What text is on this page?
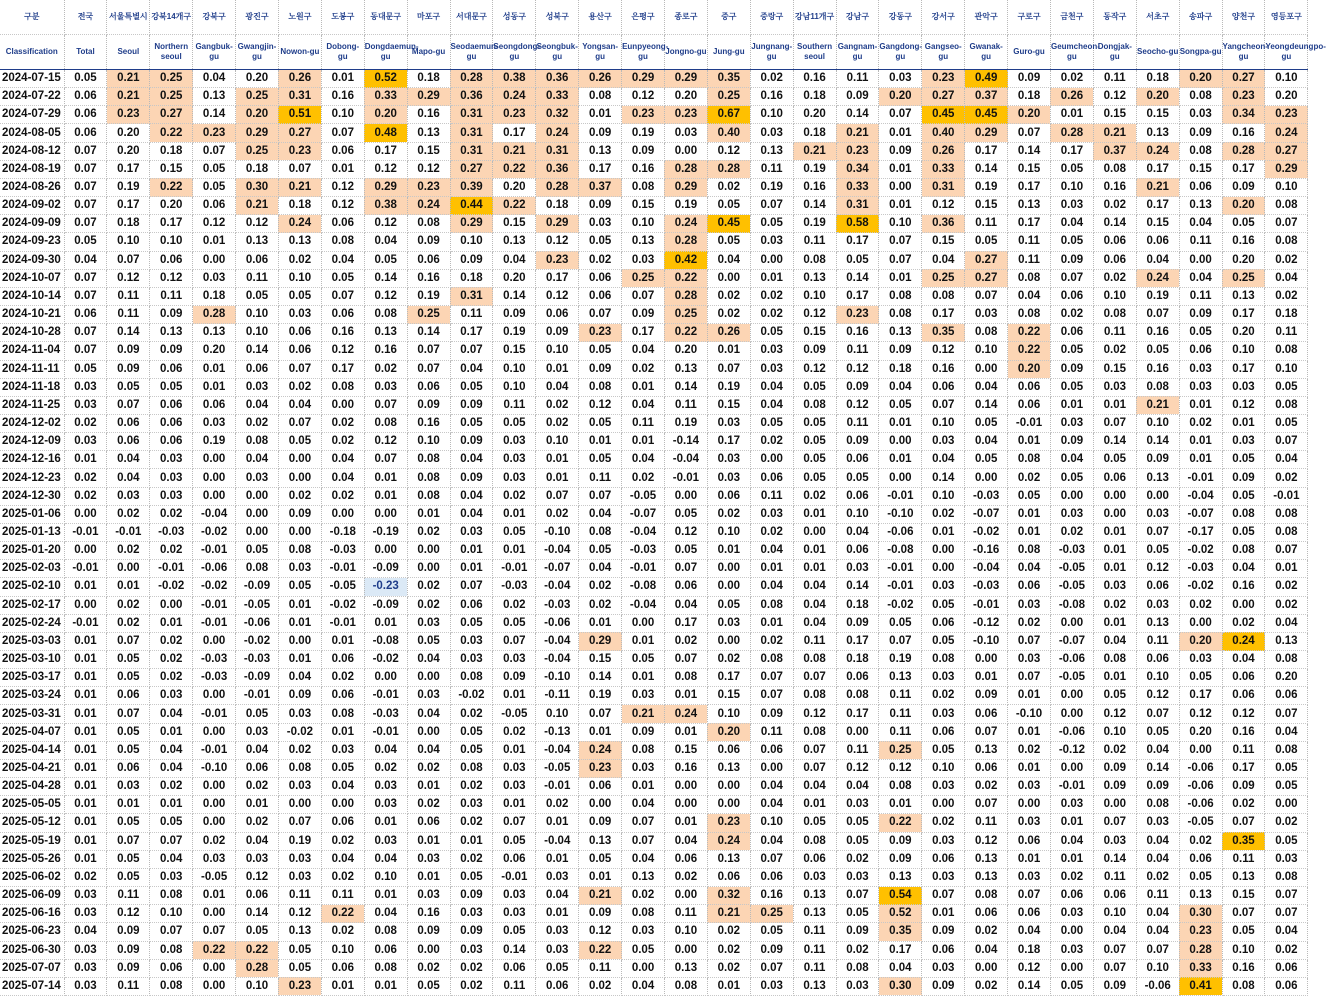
구분	전국	서울특별시	강북14개구	강북구	광진구	노원구	도봉구	동대문구	마포구	서대문구	성동구	성북구	용산구	은평구	종로구	중구	중랑구	강남11개구	강남구	강동구	강서구	관악구	구로구	금천구	동작구	서초구	송파구	양천구	영등포구
Classification	Total	Seoul	Northern seoul	Gangbuk-gu	Gwangjin-gu	Nowon-gu	Dobong-gu	Dongdaemun-gu	Mapo-gu	Seodaemun-gu	Seongdong-gu	Seongbuk-gu	Yongsan-gu	Eunpyeong-gu	Jongno-gu	Jung-gu	Jungnang-gu	Southern seoul	Gangnam-gu	Gangdong-gu	Gangseo-gu	Gwanak-gu	Guro-gu	Geumcheon-gu	Dongjak-gu	Seocho-gu	Songpa-gu	Yangcheon-gu	Yeongdeungpo-gu
2024-07-15	0.05	0.21	0.25	0.04	0.20	0.26	0.01	0.52	0.18	0.28	0.38	0.36	0.26	0.29	0.29	0.35	0.02	0.16	0.11	0.03	0.23	0.49	0.09	0.02	0.11	0.18	0.20	0.27	0.10
2024-07-22	0.06	0.21	0.25	0.13	0.25	0.31	0.16	0.33	0.29	0.36	0.24	0.33	0.08	0.12	0.20	0.25	0.16	0.18	0.09	0.20	0.27	0.37	0.18	0.26	0.12	0.20	0.08	0.23	0.20
2024-07-29	0.06	0.23	0.27	0.14	0.20	0.51	0.10	0.20	0.16	0.31	0.23	0.32	0.01	0.23	0.23	0.67	0.10	0.20	0.14	0.07	0.45	0.45	0.20	0.01	0.15	0.15	0.03	0.34	0.23
2024-08-05	0.06	0.20	0.22	0.23	0.29	0.27	0.07	0.48	0.13	0.31	0.17	0.24	0.09	0.19	0.03	0.40	0.03	0.18	0.21	0.01	0.40	0.29	0.07	0.28	0.21	0.13	0.09	0.16	0.24
2024-08-12	0.07	0.20	0.18	0.07	0.25	0.23	0.06	0.17	0.15	0.31	0.21	0.31	0.13	0.09	0.00	0.12	0.13	0.21	0.23	0.09	0.26	0.17	0.14	0.17	0.37	0.24	0.08	0.28	0.27
2024-08-19	0.07	0.17	0.15	0.05	0.18	0.07	0.01	0.12	0.12	0.27	0.22	0.36	0.17	0.16	0.28	0.28	0.11	0.19	0.34	0.01	0.33	0.14	0.15	0.05	0.08	0.17	0.15	0.17	0.29
2024-08-26	0.07	0.19	0.22	0.05	0.30	0.21	0.12	0.29	0.23	0.39	0.20	0.28	0.37	0.08	0.29	0.02	0.19	0.16	0.33	0.00	0.31	0.19	0.17	0.10	0.16	0.21	0.06	0.09	0.10
2024-09-02	0.07	0.17	0.20	0.06	0.21	0.18	0.12	0.38	0.24	0.44	0.22	0.18	0.09	0.15	0.19	0.05	0.07	0.14	0.31	0.01	0.12	0.15	0.13	0.03	0.02	0.17	0.13	0.20	0.08
2024-09-09	0.07	0.18	0.17	0.12	0.12	0.24	0.06	0.12	0.08	0.29	0.15	0.29	0.03	0.10	0.24	0.45	0.05	0.19	0.58	0.10	0.36	0.11	0.17	0.04	0.14	0.15	0.04	0.05	0.07
2024-09-23	0.05	0.10	0.10	0.01	0.13	0.13	0.08	0.04	0.09	0.10	0.13	0.12	0.05	0.13	0.28	0.05	0.03	0.11	0.17	0.07	0.15	0.05	0.11	0.05	0.06	0.06	0.11	0.16	0.08
2024-09-30	0.04	0.07	0.06	0.00	0.06	0.02	0.04	0.05	0.06	0.09	0.04	0.23	0.02	0.03	0.42	0.04	0.00	0.08	0.05	0.07	0.04	0.27	0.11	0.09	0.06	0.04	0.00	0.20	0.02
2024-10-07	0.07	0.12	0.12	0.03	0.11	0.10	0.05	0.14	0.16	0.18	0.20	0.17	0.06	0.25	0.22	0.00	0.01	0.13	0.14	0.01	0.25	0.27	0.08	0.07	0.02	0.24	0.04	0.25	0.04
2024-10-14	0.07	0.11	0.11	0.18	0.05	0.05	0.07	0.12	0.19	0.31	0.14	0.12	0.06	0.07	0.28	0.02	0.02	0.10	0.17	0.08	0.08	0.07	0.04	0.06	0.10	0.19	0.11	0.13	0.02
2024-10-21	0.06	0.11	0.09	0.28	0.10	0.03	0.06	0.08	0.25	0.11	0.09	0.06	0.07	0.09	0.25	0.02	0.02	0.12	0.23	0.08	0.17	0.03	0.08	0.02	0.08	0.07	0.09	0.17	0.18
2024-10-28	0.07	0.14	0.13	0.13	0.10	0.06	0.16	0.13	0.14	0.17	0.19	0.09	0.23	0.17	0.22	0.26	0.05	0.15	0.16	0.13	0.35	0.08	0.22	0.06	0.11	0.16	0.05	0.20	0.11
2024-11-04	0.07	0.09	0.09	0.20	0.14	0.06	0.12	0.16	0.07	0.07	0.15	0.10	0.05	0.04	0.20	0.01	0.03	0.09	0.11	0.09	0.12	0.10	0.22	0.05	0.02	0.05	0.06	0.10	0.08
2024-11-11	0.05	0.09	0.06	0.01	0.06	0.07	0.17	0.02	0.07	0.04	0.10	0.01	0.09	0.02	0.13	0.07	0.03	0.12	0.12	0.18	0.16	0.00	0.20	0.09	0.15	0.16	0.03	0.17	0.10
2024-11-18	0.03	0.05	0.05	0.01	0.03	0.02	0.08	0.03	0.06	0.05	0.10	0.04	0.08	0.01	0.14	0.19	0.04	0.05	0.09	0.04	0.06	0.04	0.06	0.05	0.03	0.08	0.03	0.03	0.05
2024-11-25	0.03	0.07	0.06	0.06	0.04	0.04	0.00	0.07	0.09	0.09	0.11	0.02	0.12	0.04	0.11	0.15	0.04	0.08	0.12	0.05	0.07	0.14	0.06	0.01	0.01	0.21	0.01	0.12	0.08
2024-12-02	0.02	0.06	0.06	0.03	0.02	0.07	0.02	0.08	0.16	0.05	0.05	0.02	0.05	0.11	0.19	0.03	0.05	0.05	0.11	0.01	0.10	0.05	-0.01	0.03	0.07	0.10	0.02	0.01	0.05
2024-12-09	0.03	0.06	0.06	0.19	0.08	0.05	0.02	0.12	0.10	0.09	0.03	0.10	0.01	0.01	-0.14	0.17	0.02	0.05	0.09	0.00	0.03	0.04	0.01	0.09	0.14	0.14	0.01	0.03	0.07
2024-12-16	0.01	0.04	0.03	0.00	0.04	0.00	0.04	0.07	0.08	0.04	0.03	0.01	0.05	0.04	-0.04	0.03	0.00	0.05	0.06	0.01	0.04	0.05	0.08	0.04	0.05	0.09	0.01	0.05	0.04
2024-12-23	0.02	0.04	0.03	0.00	0.03	0.00	0.04	0.01	0.08	0.09	0.03	0.01	0.11	0.02	-0.01	0.03	0.06	0.05	0.05	0.00	0.14	0.00	0.02	0.05	0.06	0.13	-0.01	0.09	0.02
2024-12-30	0.02	0.03	0.03	0.00	0.00	0.02	0.02	0.01	0.08	0.04	0.02	0.07	0.07	-0.05	0.00	0.06	0.11	0.02	0.06	-0.01	0.10	-0.03	0.05	0.00	0.00	0.00	-0.04	0.05	-0.01
2025-01-06	0.00	0.02	0.02	-0.04	0.00	0.09	0.00	0.00	0.01	0.04	0.01	0.02	0.04	-0.07	0.05	0.02	0.03	0.01	0.10	-0.10	0.02	-0.07	0.01	0.03	0.00	0.03	-0.07	0.08	0.08
2025-01-13	-0.01	-0.01	-0.03	-0.02	0.00	0.00	-0.18	-0.19	0.02	0.03	0.05	-0.10	0.08	-0.04	0.12	0.10	0.02	0.00	0.04	-0.06	0.01	-0.02	0.01	0.02	0.01	0.07	-0.17	0.05	0.08
2025-01-20	0.00	0.02	0.02	-0.01	0.05	0.08	-0.03	0.00	0.00	0.01	0.01	-0.04	0.05	-0.03	0.05	0.01	0.04	0.01	0.06	-0.08	0.00	-0.16	0.08	-0.03	0.01	0.05	-0.02	0.08	0.07
2025-02-03	-0.01	0.00	-0.01	-0.06	0.08	0.03	-0.01	-0.09	0.00	0.01	-0.01	-0.07	0.04	-0.01	0.07	0.00	0.01	0.01	0.03	-0.01	0.00	-0.04	0.04	-0.05	0.01	0.12	-0.03	0.04	0.01
2025-02-10	0.01	0.01	-0.02	-0.02	-0.09	0.05	-0.05	-0.23	0.02	0.07	-0.03	-0.04	0.02	-0.08	0.06	0.00	0.04	0.04	0.14	-0.01	0.03	-0.03	0.06	-0.05	0.03	0.06	-0.02	0.16	0.02
2025-02-17	0.00	0.02	0.00	-0.01	-0.05	0.01	-0.02	-0.09	0.02	0.06	0.02	-0.03	0.02	-0.04	0.04	0.05	0.08	0.04	0.18	-0.02	0.05	-0.01	0.03	-0.08	0.02	0.03	0.02	0.00	0.02
2025-02-24	-0.01	0.02	0.01	-0.01	-0.06	0.01	-0.01	0.01	0.03	0.05	0.05	-0.06	0.01	0.00	0.17	0.03	0.01	0.04	0.09	0.05	0.06	-0.12	0.02	0.00	0.01	0.13	0.00	0.02	0.04
2025-03-03	0.01	0.07	0.02	0.00	-0.02	0.00	0.01	-0.08	0.05	0.03	0.07	-0.04	0.29	0.01	0.02	0.00	0.02	0.11	0.17	0.07	0.05	-0.10	0.07	-0.07	0.04	0.11	0.20	0.24	0.13
2025-03-10	0.01	0.05	0.02	-0.03	-0.03	0.01	0.06	-0.02	0.04	0.03	0.03	-0.04	0.15	0.05	0.07	0.02	0.08	0.08	0.18	0.19	0.08	0.00	0.03	-0.06	0.08	0.06	0.03	0.04	0.08
2025-03-17	0.01	0.05	0.02	-0.03	-0.09	0.04	0.02	0.00	0.00	0.08	0.09	-0.10	0.14	0.01	0.08	0.17	0.07	0.07	0.06	0.13	0.03	0.01	0.07	-0.05	0.01	0.10	0.05	0.06	0.20
2025-03-24	0.01	0.06	0.03	0.00	-0.01	0.09	0.06	-0.01	0.03	-0.02	0.01	-0.11	0.19	0.03	0.01	0.15	0.07	0.08	0.08	0.11	0.02	0.09	0.01	0.00	0.05	0.12	0.17	0.06	0.06
2025-03-31	0.01	0.07	0.04	-0.01	0.05	0.03	0.08	-0.03	0.04	0.02	-0.05	0.10	0.07	0.21	0.24	0.10	0.09	0.12	0.17	0.11	0.03	0.06	-0.10	0.00	0.12	0.07	0.12	0.12	0.07
2025-04-07	0.01	0.05	0.01	0.00	0.03	-0.02	0.01	-0.01	0.00	0.05	0.02	-0.13	0.01	0.09	0.01	0.20	0.11	0.08	0.00	0.11	0.06	0.07	0.01	-0.06	0.10	0.05	0.20	0.16	0.04
2025-04-14	0.01	0.05	0.04	-0.01	0.04	0.02	0.03	0.04	0.04	0.05	0.01	-0.04	0.24	0.08	0.15	0.06	0.06	0.07	0.11	0.25	0.05	0.13	0.02	-0.12	0.02	0.04	0.00	0.11	0.08
2025-04-21	0.01	0.06	0.04	-0.10	0.06	0.08	0.05	0.02	0.02	0.08	0.03	-0.05	0.23	0.03	0.16	0.13	0.00	0.07	0.12	0.12	0.10	0.06	0.01	0.00	0.09	0.14	-0.06	0.17	0.05
2025-04-28	0.01	0.03	0.02	0.00	0.02	0.03	0.04	0.03	0.01	0.02	0.03	-0.01	0.06	0.01	0.00	0.00	0.04	0.04	0.04	0.08	0.03	0.02	0.03	-0.01	0.09	0.09	-0.06	0.09	0.05
2025-05-05	0.01	0.01	0.01	0.00	0.01	0.00	0.00	0.03	0.02	0.03	0.01	0.02	0.00	0.04	0.00	0.00	0.04	0.01	0.03	0.01	0.00	0.07	0.00	0.03	0.00	0.08	-0.06	0.02	0.00
2025-05-12	0.01	0.05	0.05	0.00	0.02	0.07	0.06	0.01	0.06	0.02	0.07	0.01	0.09	0.07	0.01	0.23	0.10	0.05	0.05	0.22	0.02	0.11	0.03	0.01	0.07	0.03	-0.05	0.07	0.02
2025-05-19	0.01	0.07	0.07	0.02	0.04	0.19	0.02	0.03	0.01	0.01	0.05	-0.04	0.13	0.07	0.04	0.24	0.04	0.08	0.05	0.09	0.03	0.12	0.06	0.04	0.03	0.04	0.02	0.35	0.05
2025-05-26	0.01	0.05	0.04	0.03	0.03	0.03	0.04	0.04	0.03	0.02	0.06	0.01	0.05	0.04	0.06	0.13	0.07	0.06	0.02	0.09	0.06	0.13	0.01	0.01	0.14	0.04	0.06	0.11	0.03
2025-06-02	0.02	0.05	0.03	-0.05	0.12	0.03	0.02	0.10	0.01	0.05	-0.01	0.03	0.01	0.13	0.02	0.06	0.06	0.03	0.03	0.13	0.03	0.13	0.03	0.02	0.11	0.02	0.05	0.13	0.08
2025-06-09	0.03	0.11	0.08	0.01	0.06	0.11	0.11	0.01	0.03	0.09	0.03	0.04	0.21	0.02	0.00	0.32	0.16	0.13	0.07	0.54	0.07	0.08	0.07	0.06	0.06	0.11	0.13	0.15	0.07
2025-06-16	0.03	0.12	0.10	0.00	0.14	0.12	0.22	0.04	0.16	0.03	0.03	0.01	0.09	0.08	0.11	0.21	0.25	0.13	0.05	0.52	0.01	0.06	0.06	0.03	0.10	0.04	0.30	0.07	0.07
2025-06-23	0.04	0.09	0.07	0.07	0.05	0.13	0.02	0.08	0.09	0.09	0.05	0.03	0.12	0.03	0.10	0.02	0.05	0.11	0.09	0.35	0.09	0.02	0.04	0.00	0.04	0.04	0.23	0.05	0.04
2025-06-30	0.03	0.09	0.08	0.22	0.22	0.05	0.10	0.06	0.00	0.03	0.14	0.03	0.22	0.05	0.00	0.02	0.09	0.11	0.02	0.17	0.06	0.04	0.18	0.03	0.07	0.07	0.28	0.10	0.02
2025-07-07	0.03	0.09	0.06	0.00	0.28	0.05	0.06	0.08	0.02	0.02	0.06	0.05	0.11	0.00	0.13	0.02	0.07	0.11	0.08	0.04	0.03	0.00	0.12	0.00	0.07	0.10	0.33	0.16	0.06
2025-07-14	0.03	0.11	0.08	0.00	0.10	0.23	0.01	0.01	0.05	0.02	0.11	0.06	0.02	0.04	0.08	0.01	0.03	0.13	0.03	0.30	0.09	0.02	0.14	0.05	0.09	-0.06	0.41	0.08	0.06
